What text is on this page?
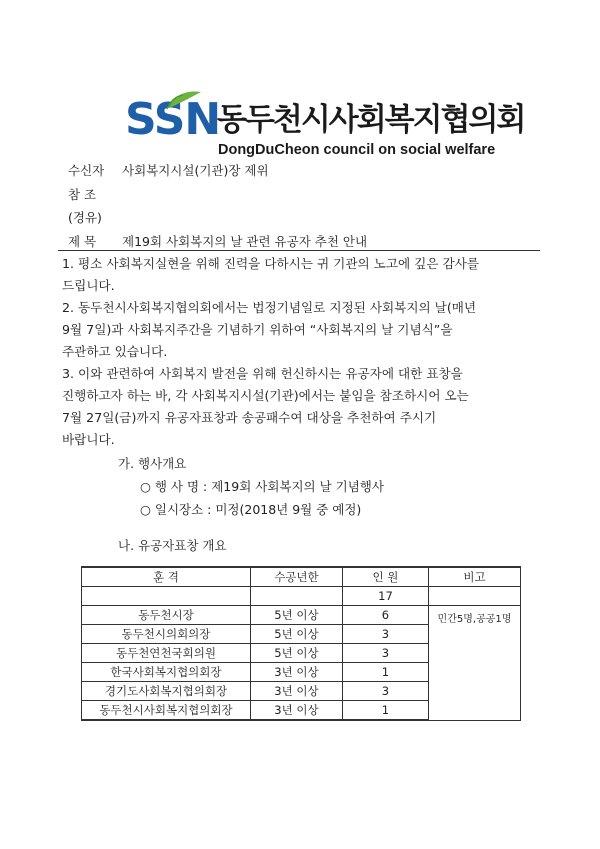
SSN
동두천시사회복지협의회
DongDuCheon council on social welfare
수신자 사회복지시설(기관)장 제위
참 조
(경유)
제 목 제19회 사회복지의 날 관련 유공자 추천 안내
1. 평소 사회복지실현을 위해 진력을 다하시는 귀 기관의 노고에 깊은 감사를
드립니다.
2. 동두천시사회복지협의회에서는 법정기념일로 지정된 사회복지의 날(매년
9월 7일)과 사회복지주간을 기념하기 위하여 “사회복지의 날 기념식”을
주관하고 있습니다.
3. 이와 관련하여 사회복지 발전을 위해 헌신하시는 유공자에 대한 표창을
진행하고자 하는 바, 각 사회복지시설(기관)에서는 붙임을 참조하시어 오는
7월 27일(금)까지 유공자표창과 송공패수여 대상을 추천하여 주시기
바랍니다.
가. 행사개요
○ 행 사 명 : 제19회 사회복지의 날 기념행사
○ 일시장소 : 미정(2018년 9월 중 예정)
나. 유공자표창 개요
훈 격	수공년한	인 원	비고
		17	
동두천시장	5년 이상	6	민간5명,공공1명
동두천시의회의장	5년 이상	3	
동두천연천국회의원	5년 이상	3	
한국사회복지협의회장	3년 이상	1	
경기도사회복지협의회장	3년 이상	3	
동두천시사회복지협의회장	3년 이상	1	
